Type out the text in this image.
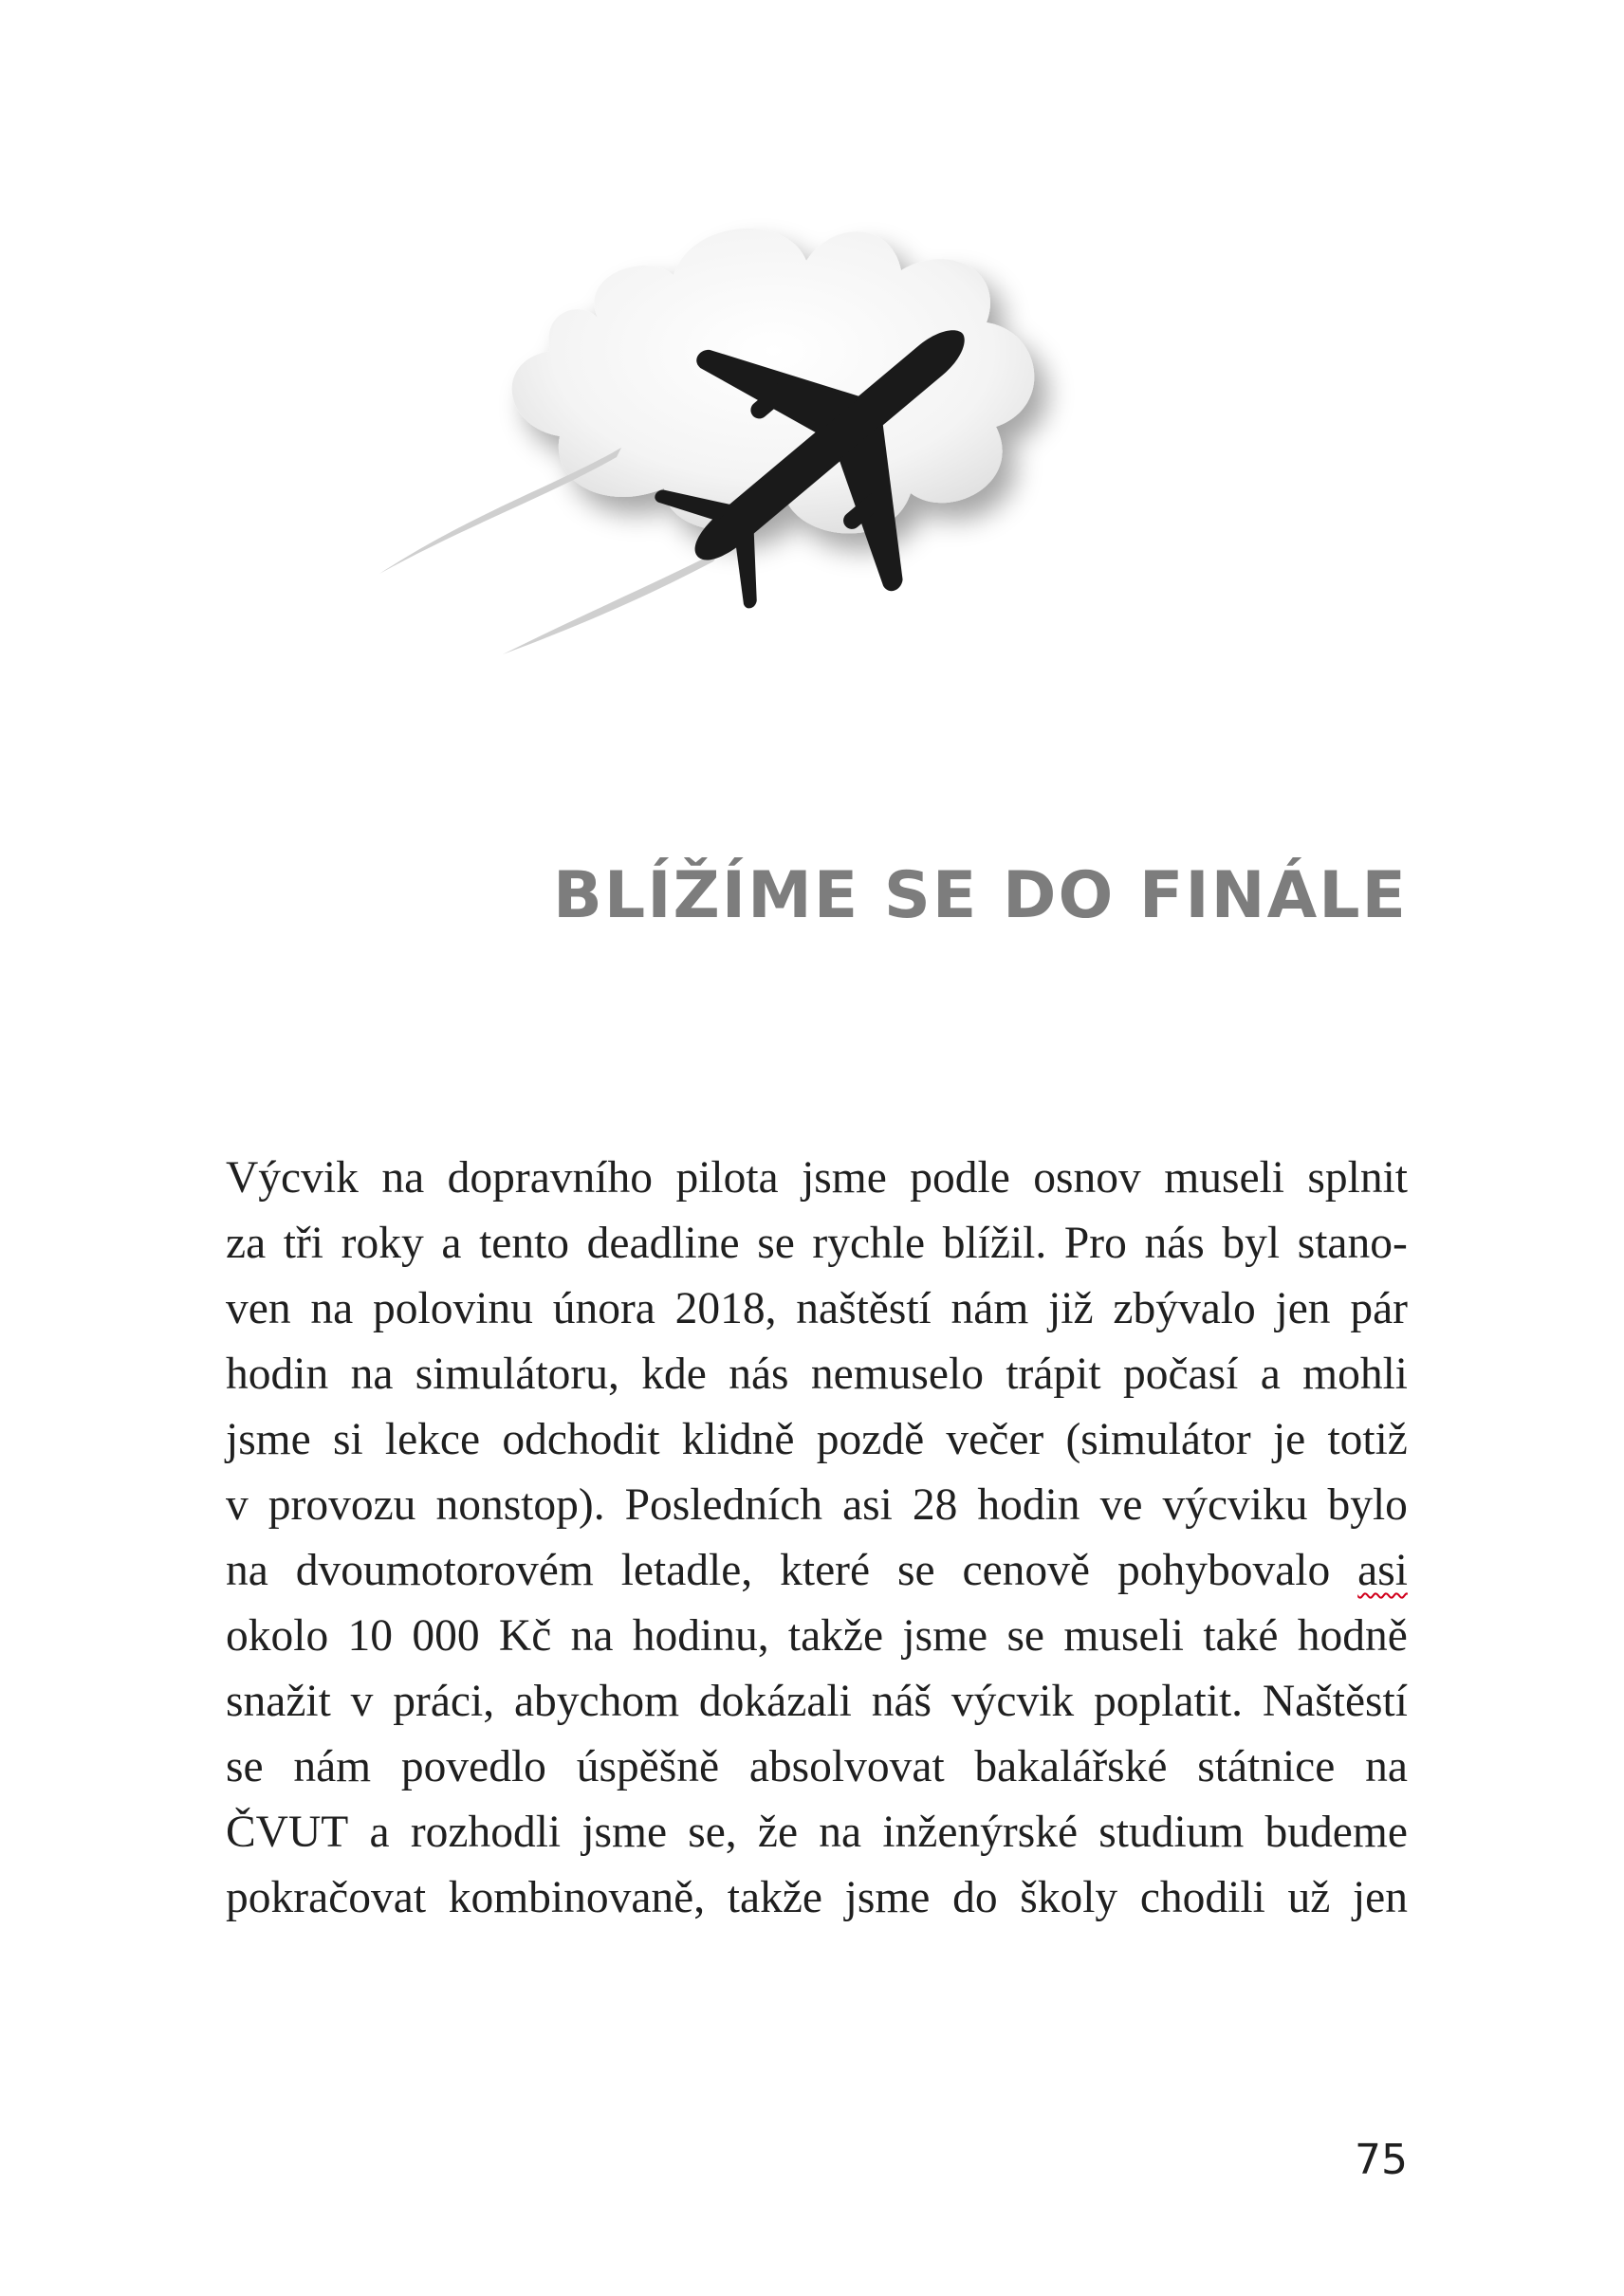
BLÍŽÍME SE DO FINÁLE
Výcvik na dopravního pilota jsme podle osnov museli splnit
za tři roky a tento deadline se rychle blížil. Pro nás byl stano-
ven na polovinu února 2018, naštěstí nám již zbývalo jen pár
hodin na simulátoru, kde nás nemuselo trápit počasí a mohli
jsme si lekce odchodit klidně pozdě večer (simulátor je totiž
v provozu nonstop). Posledních asi 28 hodin ve výcviku bylo
na dvoumotorovém letadle, které se cenově pohybovalo asi
okolo 10 000 Kč na hodinu, takže jsme se museli také hodně
snažit v práci, abychom dokázali náš výcvik poplatit. Naštěstí
se nám povedlo úspěšně absolvovat bakalářské státnice na
ČVUT a rozhodli jsme se, že na inženýrské studium budeme
pokračovat kombinovaně, takže jsme do školy chodili už jen
75
